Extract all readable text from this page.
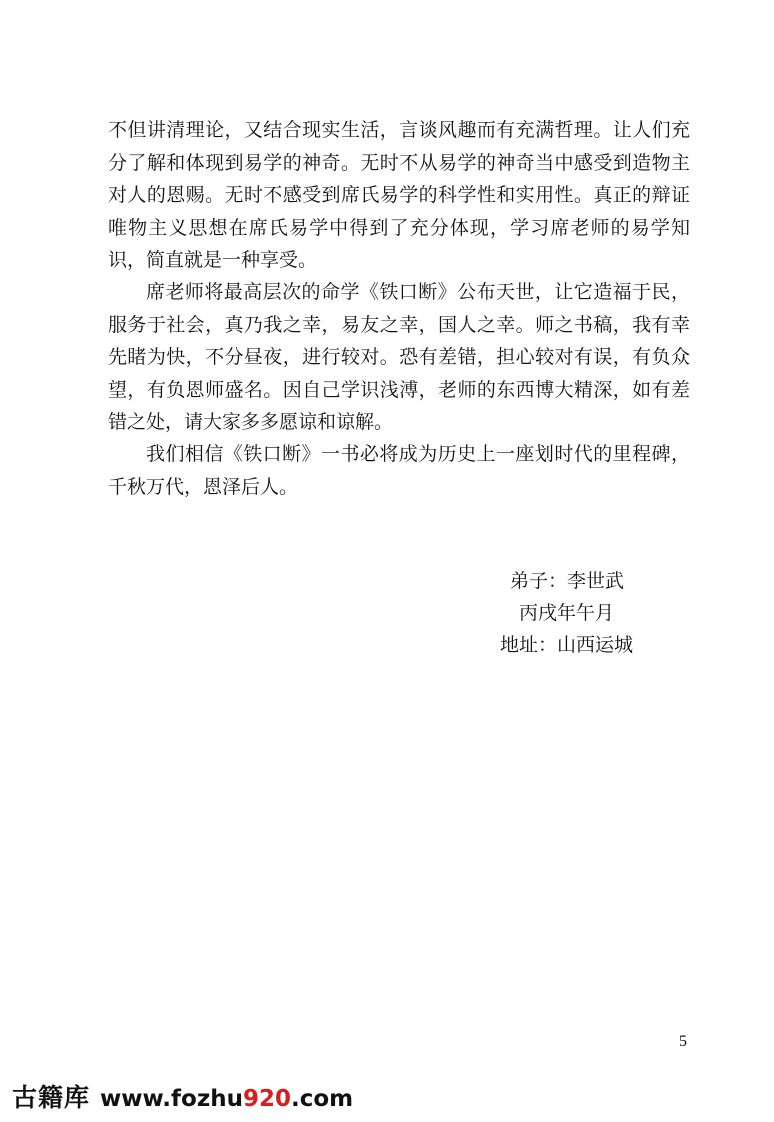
不但讲清理论，又结合现实生活，言谈风趣而有充满哲理。让人们充分了解和体现到易学的神奇。无时不从易学的神奇当中感受到造物主对人的恩赐。无时不感受到席氏易学的科学性和实用性。真正的辩证唯物主义思想在席氏易学中得到了充分体现，学习席老师的易学知识，简直就是一种享受。

席老师将最高层次的命学《铁口断》公布天世，让它造福于民，服务于社会，真乃我之幸，易友之幸，国人之幸。师之书稿，我有幸先睹为快，不分昼夜，进行较对。恐有差错，担心较对有误，有负众望，有负恩师盛名。因自己学识浅溥，老师的东西博大精深，如有差错之处，请大家多多愿谅和谅解。

我们相信《铁口断》一书必将成为历史上一座划时代的里程碑，千秋万代，恩泽后人。

弟子：李世武
丙戌年午月
地址：山西运城
5
古籍库 www.fozhu920.com
